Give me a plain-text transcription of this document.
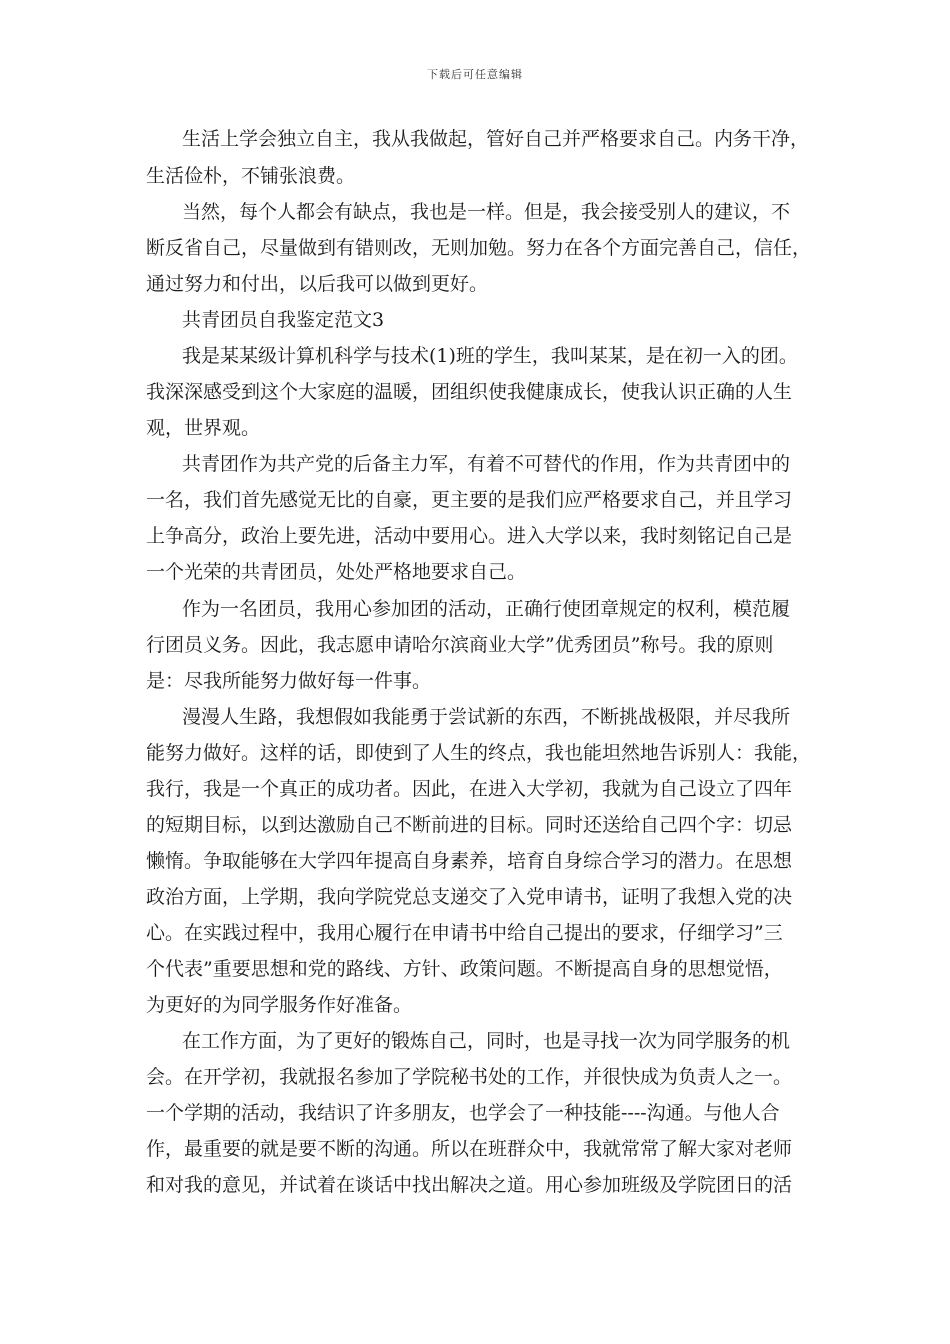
下载后可任意编辑
生活上学会独立自主，我从我做起，管好自己并严格要求自己。内务干净，
生活俭朴，不铺张浪费。
当然，每个人都会有缺点，我也是一样。但是，我会接受别人的建议，不
断反省自己，尽量做到有错则改，无则加勉。努力在各个方面完善自己，信任，
通过努力和付出，以后我可以做到更好。
共青团员自我鉴定范文3
我是某某级计算机科学与技术(1)班的学生，我叫某某，是在初一入的团。
我深深感受到这个大家庭的温暖，团组织使我健康成长，使我认识正确的人生
观，世界观。
共青团作为共产党的后备主力军，有着不可替代的作用，作为共青团中的
一名，我们首先感觉无比的自豪，更主要的是我们应严格要求自己，并且学习
上争高分，政治上要先进，活动中要用心。进入大学以来，我时刻铭记自己是
一个光荣的共青团员，处处严格地要求自己。
作为一名团员，我用心参加团的活动，正确行使团章规定的权利，模范履
行团员义务。因此，我志愿申请哈尔滨商业大学”优秀团员”称号。我的原则
是：尽我所能努力做好每一件事。
漫漫人生路，我想假如我能勇于尝试新的东西，不断挑战极限，并尽我所
能努力做好。这样的话，即使到了人生的终点，我也能坦然地告诉别人：我能，
我行，我是一个真正的成功者。因此，在进入大学初，我就为自己设立了四年
的短期目标，以到达激励自己不断前进的目标。同时还送给自己四个字：切忌
懒惰。争取能够在大学四年提高自身素养，培育自身综合学习的潜力。在思想
政治方面，上学期，我向学院党总支递交了入党申请书，证明了我想入党的决
心。在实践过程中，我用心履行在申请书中给自己提出的要求，仔细学习”三
个代表”重要思想和党的路线、方针、政策问题。不断提高自身的思想觉悟，
为更好的为同学服务作好准备。
在工作方面，为了更好的锻炼自己，同时，也是寻找一次为同学服务的机
会。在开学初，我就报名参加了学院秘书处的工作，并很快成为负责人之一。
一个学期的活动，我结识了许多朋友，也学会了一种技能----沟通。与他人合
作，最重要的就是要不断的沟通。所以在班群众中，我就常常了解大家对老师
和对我的意见，并试着在谈话中找出解决之道。用心参加班级及学院团日的活
